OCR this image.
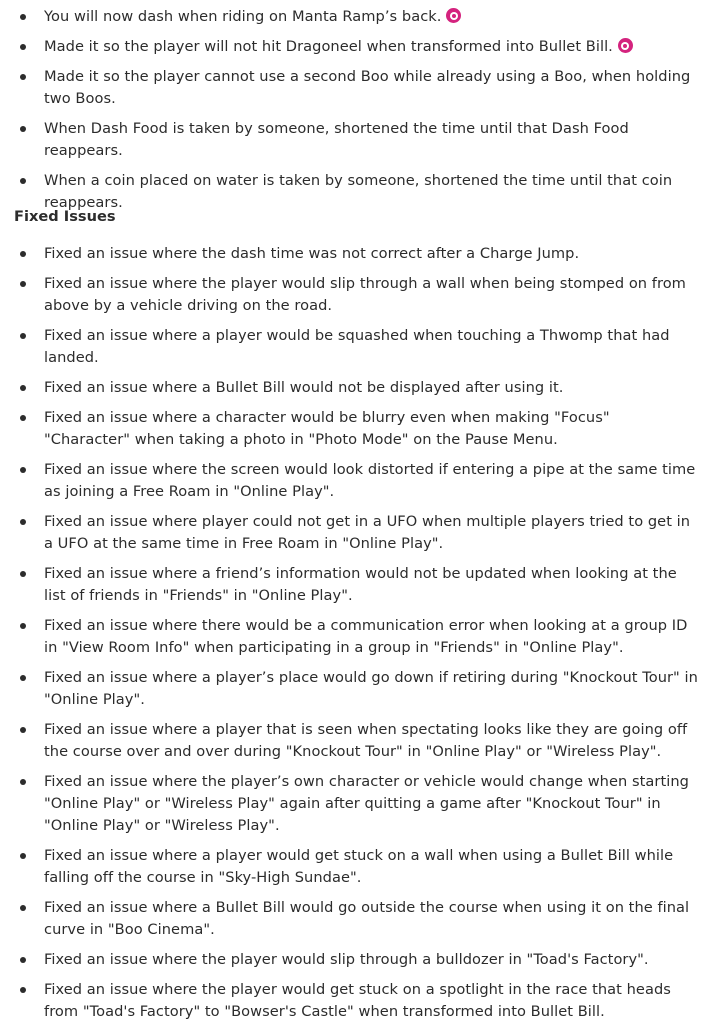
You will now dash when riding on Manta Ramp’s back.
Made it so the player will not hit Dragoneel when transformed into Bullet Bill.
Made it so the player cannot use a second Boo while already using a Boo, when holding two Boos.
When Dash Food is taken by someone, shortened the time until that Dash Food reappears.
When a coin placed on water is taken by someone, shortened the time until that coin reappears.
Fixed Issues
Fixed an issue where the dash time was not correct after a Charge Jump.
Fixed an issue where the player would slip through a wall when being stomped on from above by a vehicle driving on the road.
Fixed an issue where a player would be squashed when touching a Thwomp that had landed.
Fixed an issue where a Bullet Bill would not be displayed after using it.
Fixed an issue where a character would be blurry even when making "Focus" "Character" when taking a photo in "Photo Mode" on the Pause Menu.
Fixed an issue where the screen would look distorted if entering a pipe at the same time as joining a Free Roam in "Online Play".
Fixed an issue where player could not get in a UFO when multiple players tried to get in a UFO at the same time in Free Roam in "Online Play".
Fixed an issue where a friend’s information would not be updated when looking at the list of friends in "Friends" in "Online Play".
Fixed an issue where there would be a communication error when looking at a group ID in "View Room Info" when participating in a group in "Friends" in "Online Play".
Fixed an issue where a player’s place would go down if retiring during "Knockout Tour" in "Online Play".
Fixed an issue where a player that is seen when spectating looks like they are going off the course over and over during "Knockout Tour" in "Online Play" or "Wireless Play".
Fixed an issue where the player’s own character or vehicle would change when starting "Online Play" or "Wireless Play" again after quitting a game after "Knockout Tour" in "Online Play" or "Wireless Play".
Fixed an issue where a player would get stuck on a wall when using a Bullet Bill while falling off the course in "Sky-High Sundae".
Fixed an issue where a Bullet Bill would go outside the course when using it on the final curve in "Boo Cinema".
Fixed an issue where the player would slip through a bulldozer in "Toad's Factory".
Fixed an issue where the player would get stuck on a spotlight in the race that heads from "Toad's Factory" to "Bowser's Castle" when transformed into Bullet Bill.
